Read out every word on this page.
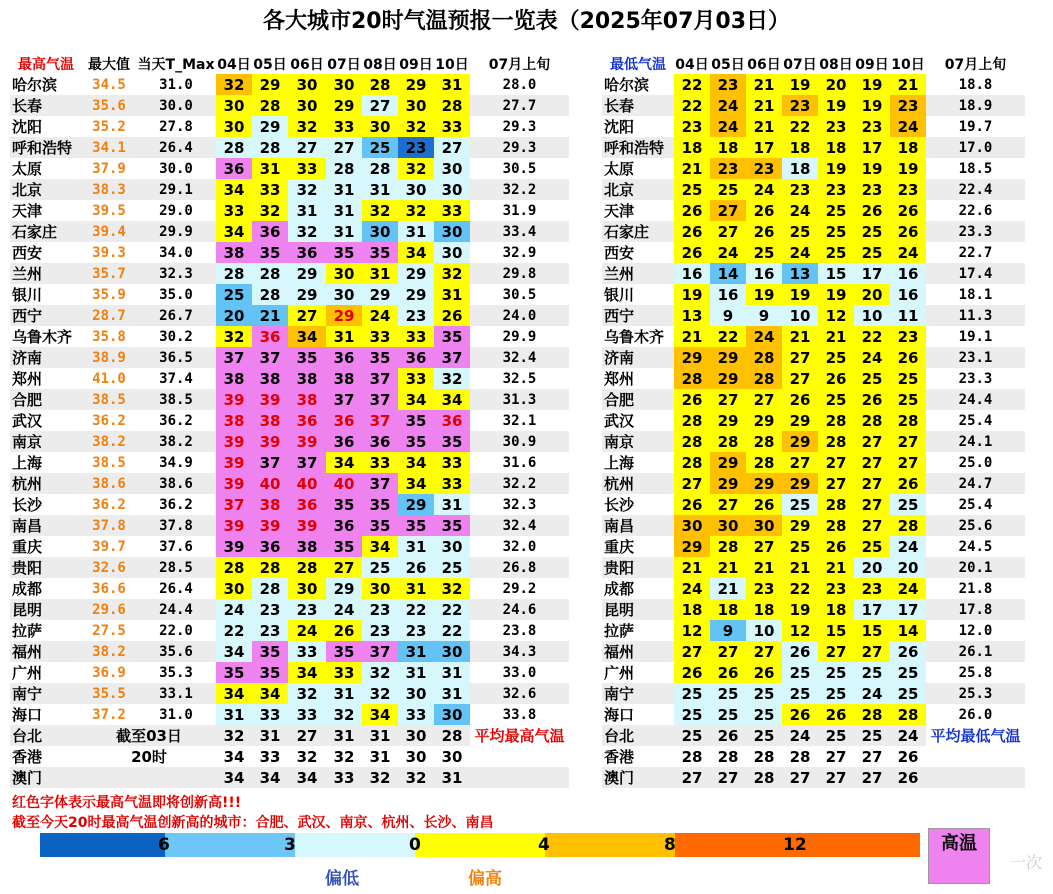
各大城市20时气温预报一览表（2025年07月03日）
最高气温	最大值	当天T_Max	04日	05日	06日	07日	08日	09日	10日	07月上旬
哈尔滨	34.5	31.0	32	29	30	30	28	29	31	28.0
长春	35.6	30.0	30	28	30	29	27	30	28	27.7
沈阳	35.2	27.8	30	29	32	33	30	32	33	29.3
呼和浩特	34.1	26.4	28	28	27	27	25	23	27	29.3
太原	37.9	30.0	36	31	33	28	28	32	30	30.5
北京	38.3	29.1	34	33	32	31	31	30	30	32.2
天津	39.5	29.0	33	32	31	31	32	32	33	31.9
石家庄	39.4	29.9	34	36	32	31	30	31	30	33.4
西安	39.3	34.0	38	35	36	35	35	34	30	32.9
兰州	35.7	32.3	28	28	29	30	31	29	32	29.8
银川	35.9	35.0	25	28	29	30	29	29	31	30.5
西宁	28.7	26.7	20	21	27	29	24	23	26	24.0
乌鲁木齐	35.8	30.2	32	36	34	31	33	33	35	29.9
济南	38.9	36.5	37	37	35	36	35	36	37	32.4
郑州	41.0	37.4	38	38	38	38	37	33	32	32.5
合肥	38.5	38.5	39	39	38	37	37	34	34	31.3
武汉	36.2	36.2	38	38	36	36	37	35	36	32.1
南京	38.2	38.2	39	39	39	36	36	35	35	30.9
上海	38.5	34.9	39	37	37	34	33	34	33	31.6
杭州	38.6	38.6	39	40	40	40	37	34	33	32.2
长沙	36.2	36.2	37	38	36	35	35	29	31	32.3
南昌	37.8	37.8	39	39	39	36	35	35	35	32.4
重庆	39.7	37.6	39	36	38	35	34	31	30	32.0
贵阳	32.6	28.5	28	28	28	27	25	26	25	26.8
成都	36.6	26.4	30	28	30	29	30	31	32	29.2
昆明	29.6	24.4	24	23	23	24	23	22	22	24.6
拉萨	27.5	22.0	22	23	24	26	23	23	22	23.8
福州	38.2	35.6	34	35	33	35	37	31	30	34.3
广州	36.9	35.3	35	35	34	33	32	31	31	33.0
南宁	35.5	33.1	34	34	32	31	32	30	31	32.6
海口	37.2	31.0	31	33	33	32	34	33	30	33.8
台北	截至03日		32	31	27	31	31	30	28	平均最高气温
香港	20时		34	33	32	32	31	30	30	
澳门			34	34	34	33	32	32	31	
最低气温	04日	05日	06日	07日	08日	09日	10日	07月上旬
哈尔滨	22	23	21	19	20	19	21	18.8
长春	22	24	21	23	19	19	23	18.9
沈阳	23	24	21	22	23	23	24	19.7
呼和浩特	18	18	17	18	18	17	18	17.0
太原	21	23	23	18	19	19	19	18.5
北京	25	25	24	23	23	23	23	22.4
天津	26	27	26	24	25	26	26	22.6
石家庄	26	27	26	25	25	25	26	23.3
西安	26	24	25	24	25	25	24	22.7
兰州	16	14	16	13	15	17	16	17.4
银川	19	16	19	19	19	20	16	18.1
西宁	13	9	9	10	12	10	11	11.3
乌鲁木齐	21	22	24	21	21	22	23	19.1
济南	29	29	28	27	25	24	26	23.1
郑州	28	29	28	27	26	25	25	23.3
合肥	26	27	27	26	25	26	25	24.4
武汉	28	29	29	29	28	28	28	25.4
南京	28	28	28	29	28	27	27	24.1
上海	28	29	28	27	27	27	27	25.0
杭州	27	29	29	29	27	27	26	24.7
长沙	26	27	26	25	28	27	25	25.4
南昌	30	30	30	29	28	27	28	25.6
重庆	29	28	27	25	26	25	24	24.5
贵阳	21	21	21	21	21	20	20	20.1
成都	24	21	23	22	23	23	24	21.8
昆明	18	18	18	19	18	17	17	17.8
拉萨	12	9	10	12	15	15	14	12.0
福州	27	27	27	26	27	27	26	26.1
广州	26	26	26	25	25	25	25	25.8
南宁	25	25	25	25	25	24	25	25.3
海口	25	25	25	26	26	28	28	26.0
台北	25	26	25	24	25	25	24	平均最低气温
香港	28	28	28	28	27	27	26	
澳门	27	27	28	27	27	27	26	
红色字体表示最高气温即将创新高!!!
截至今天20时最高气温创新高的城市：合肥、武汉、南京、杭州、长沙、南昌
6	3	0	4	8	12
偏低	偏高
高温
一次
